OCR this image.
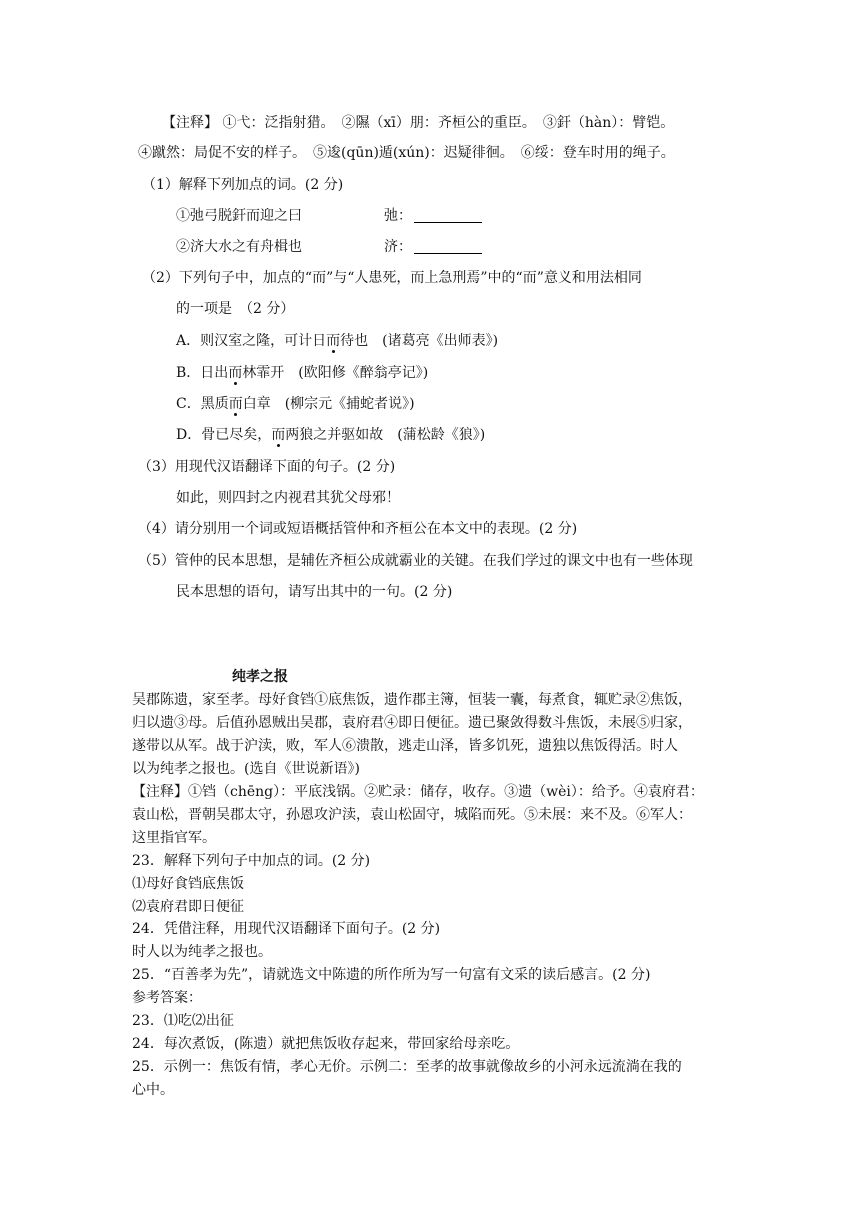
【注释】 ①弋：泛指射猎。　②隰（xī）朋：齐桓公的重臣。　③釬（hàn）：臂铠。
④蹴然：局促不安的样子。　⑤逡(qūn)遁(xún)：迟疑徘徊。　⑥绥：登车时用的绳子。
（1）解释下列加点的词。(2 分)
①弛弓脱釬而迎之曰	弛：
②济大水之有舟楫也	济：
（2）下列句子中，加点的“而”与“人患死，而上急刑焉”中的“而”意义和用法相同
的一项是　（2 分）
A．则汉室之隆，可计日而待也　(诸葛亮《出师表》)
B．日出而林霏开　(欧阳修《醉翁亭记》)
C．黑质而白章　(柳宗元《捕蛇者说》)
D．骨已尽矣，而两狼之并驱如故　(蒲松龄《狼》)
（3）用现代汉语翻译下面的句子。(2 分)
如此，则四封之内视君其犹父母邪！
（4）请分别用一个词或短语概括管仲和齐桓公在本文中的表现。(2 分)
（5）管仲的民本思想，是辅佐齐桓公成就霸业的关键。在我们学过的课文中也有一些体现
民本思想的语句，请写出其中的一句。(2 分)
纯孝之报
吴郡陈遗，家至孝。母好食铛①底焦饭，遗作郡主簿，恒装一囊，每煮食，辄贮录②焦饭，
归以遗③母。后值孙恩贼出吴郡，袁府君④即日便征。遗已聚敛得数斗焦饭，未展⑤归家，
遂带以从军。战于沪渎，败，军人⑥溃散，逃走山泽，皆多饥死，遗独以焦饭得活。时人
以为纯孝之报也。(选自《世说新语》)
【注释】①铛（chēng）：平底浅锅。②贮录：储存，收存。③遗（wèi）：给予。④袁府君：
袁山松，晋朝吴郡太守，孙恩攻沪渎，袁山松固守，城陷而死。⑤未展：来不及。⑥军人：
这里指官军。
23．解释下列句子中加点的词。(2 分)
⑴母好食铛底焦饭
⑵袁府君即日便征
24．凭借注释，用现代汉语翻译下面句子。(2 分)
时人以为纯孝之报也。
25．“百善孝为先”，请就选文中陈遗的所作所为写一句富有文采的读后感言。(2 分)
参考答案：
23．⑴吃⑵出征
24．每次煮饭，(陈遗）就把焦饭收存起来，带回家给母亲吃。
25．示例一：焦饭有情，孝心无价。示例二：至孝的故事就像故乡的小河永远流淌在我的
心中。
